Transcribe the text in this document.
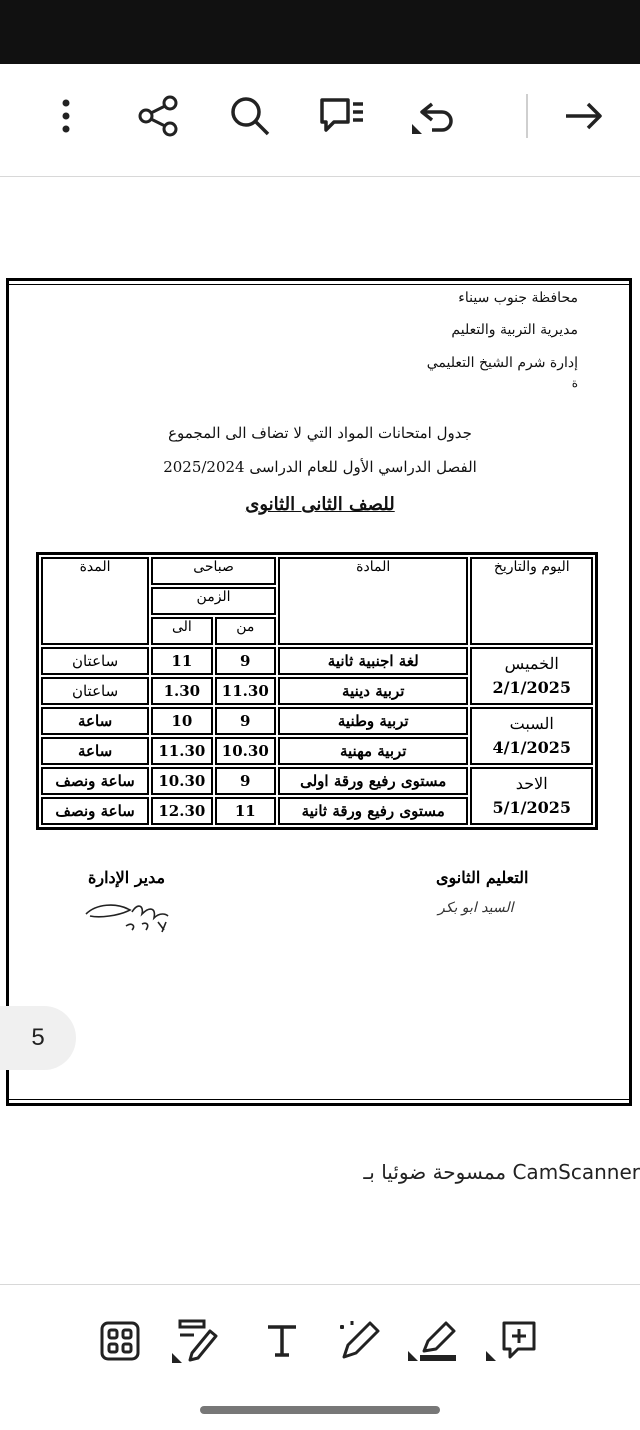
محافظة جنوب سيناء
مديرية التربية والتعليم
إدارة شرم الشيخ التعليمي
ة
جدول امتحانات المواد التي لا تضاف الى المجموع
الفصل الدراسي الأول للعام الدراسى 2025/2024
للصف الثانى الثانوى
اليوم والتاريخ	المادة	صباحى		المدة
		الزمن		
		من	الى	
الخميس
2/1/2025	لغة اجنبية ثانية	9	11	ساعتان
	تربية دينية	11.30	1.30	ساعتان
السبت
4/1/2025	تربية وطنية	9	10	ساعة
	تربية مهنية	10.30	11.30	ساعة
الاحد
5/1/2025	مستوى رفيع ورقة اولى	9	10.30	ساعة ونصف
	مستوى رفيع ورقة ثانية	11	12.30	ساعة ونصف
مدير الإدارة	التعليم الثانوى
السيد ابو بكر
5
ممسوحة ضوئيا بـ CamScanner
